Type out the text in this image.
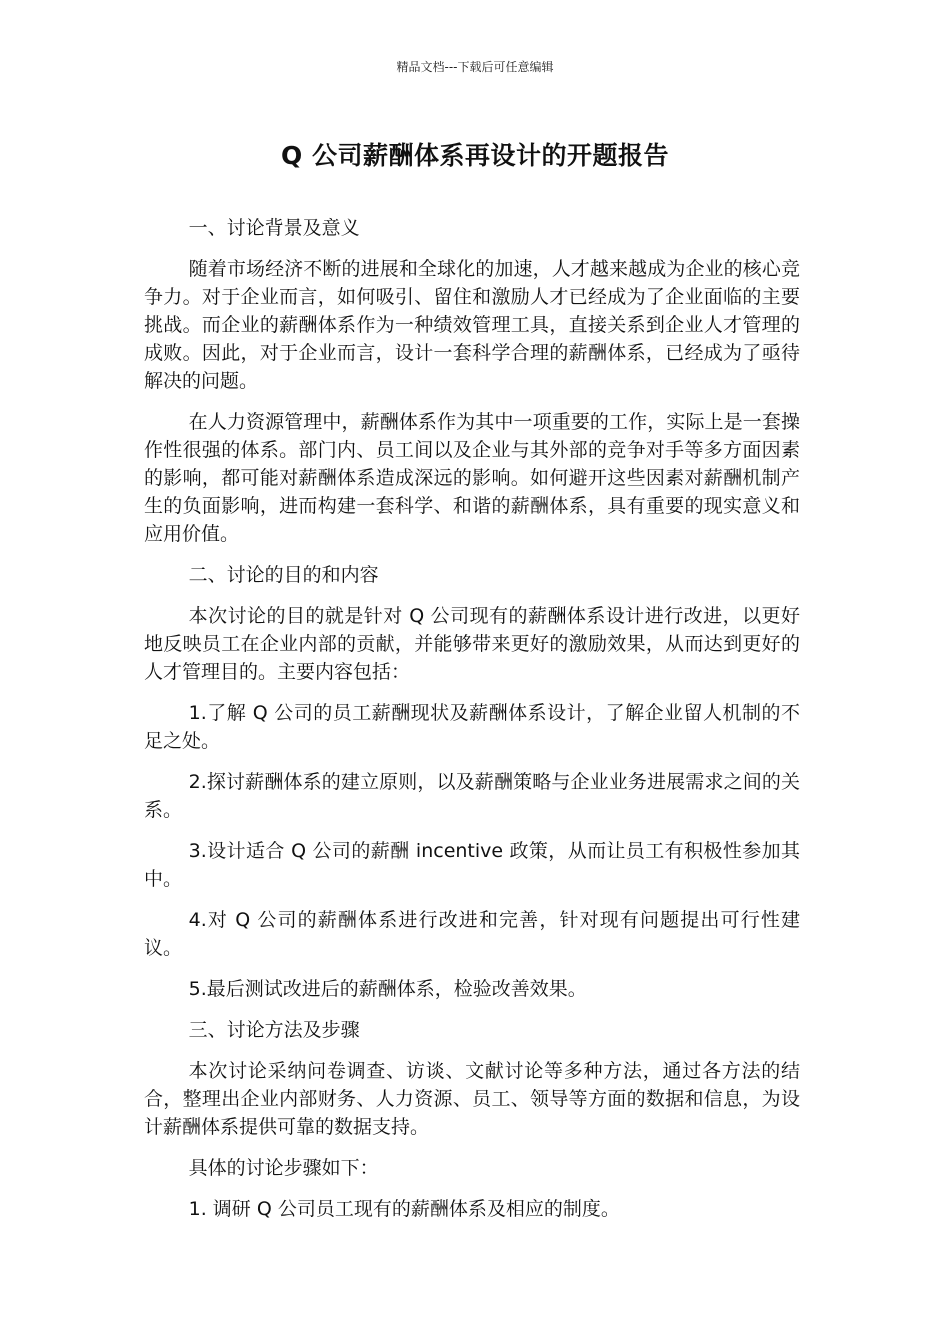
精品文档---下载后可任意编辑
Q 公司薪酬体系再设计的开题报告

一、讨论背景及意义

随着市场经济不断的进展和全球化的加速，人才越来越成为企业的核心竞争力。对于企业而言，如何吸引、留住和激励人才已经成为了企业面临的主要挑战。而企业的薪酬体系作为一种绩效管理工具，直接关系到企业人才管理的成败。因此，对于企业而言，设计一套科学合理的薪酬体系，已经成为了亟待解决的问题。

在人力资源管理中，薪酬体系作为其中一项重要的工作，实际上是一套操作性很强的体系。部门内、员工间以及企业与其外部的竞争对手等多方面因素的影响，都可能对薪酬体系造成深远的影响。如何避开这些因素对薪酬机制产生的负面影响，进而构建一套科学、和谐的薪酬体系，具有重要的现实意义和应用价值。

二、讨论的目的和内容

本次讨论的目的就是针对 Q 公司现有的薪酬体系设计进行改进，以更好地反映员工在企业内部的贡献，并能够带来更好的激励效果，从而达到更好的人才管理目的。主要内容包括：

1.了解 Q 公司的员工薪酬现状及薪酬体系设计，了解企业留人机制的不足之处。

2.探讨薪酬体系的建立原则，以及薪酬策略与企业业务进展需求之间的关系。

3.设计适合 Q 公司的薪酬 incentive 政策，从而让员工有积极性参加其中。

4.对 Q 公司的薪酬体系进行改进和完善，针对现有问题提出可行性建议。

5.最后测试改进后的薪酬体系，检验改善效果。

三、讨论方法及步骤

本次讨论采纳问卷调查、访谈、文献讨论等多种方法，通过各方法的结合，整理出企业内部财务、人力资源、员工、领导等方面的数据和信息，为设计薪酬体系提供可靠的数据支持。

具体的讨论步骤如下：

1. 调研 Q 公司员工现有的薪酬体系及相应的制度。
